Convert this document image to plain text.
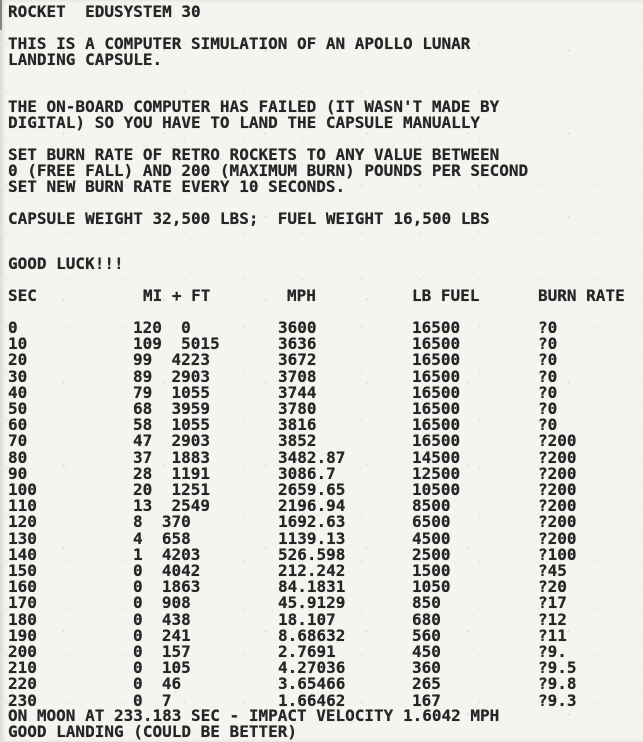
ROCKET  EDUSYSTEM 30
THIS IS A COMPUTER SIMULATION OF AN APOLLO LUNAR
LANDING CAPSULE.
THE ON-BOARD COMPUTER HAS FAILED (IT WASN'T MADE BY
DIGITAL) SO YOU HAVE TO LAND THE CAPSULE MANUALLY
SET BURN RATE OF RETRO ROCKETS TO ANY VALUE BETWEEN
0 (FREE FALL) AND 200 (MAXIMUM BURN) POUNDS PER SECOND
SET NEW BURN RATE EVERY 10 SECONDS.
CAPSULE WEIGHT 32,500 LBS;  FUEL WEIGHT 16,500 LBS
GOOD LUCK!!!
SEC	MI + FT	MPH	LB FUEL	BURN RATE
0	120  0	3600	16500	?0
10	109  5015	3636	16500	?0
20	99  4223	3672	16500	?0
30	89  2903	3708	16500	?0
40	79  1055	3744	16500	?0
50	68  3959	3780	16500	?0
60	58  1055	3816	16500	?0
70	47  2903	3852	16500	?200
80	37  1883	3482.87	14500	?200
90	28  1191	3086.7	12500	?200
100	20  1251	2659.65	10500	?200
110	13  2549	2196.94	8500	?200
120	8  370	1692.63	6500	?200
130	4  658	1139.13	4500	?200
140	1  4203	526.598	2500	?100
150	0  4042	212.242	1500	?45
160	0  1863	84.1831	1050	?20
170	0  908	45.9129	850	?17
180	0  438	18.107	680	?12
190	0  241	8.68632	560	?11
200	0  157	2.7691	450	?9.
210	0  105	4.27036	360	?9.5
220	0  46	3.65466	265	?9.8
230	0  7	1.66462	167	?9.3
ON MOON AT 233.183 SEC - IMPACT VELOCITY 1.6042 MPH
GOOD LANDING (COULD BE BETTER)
